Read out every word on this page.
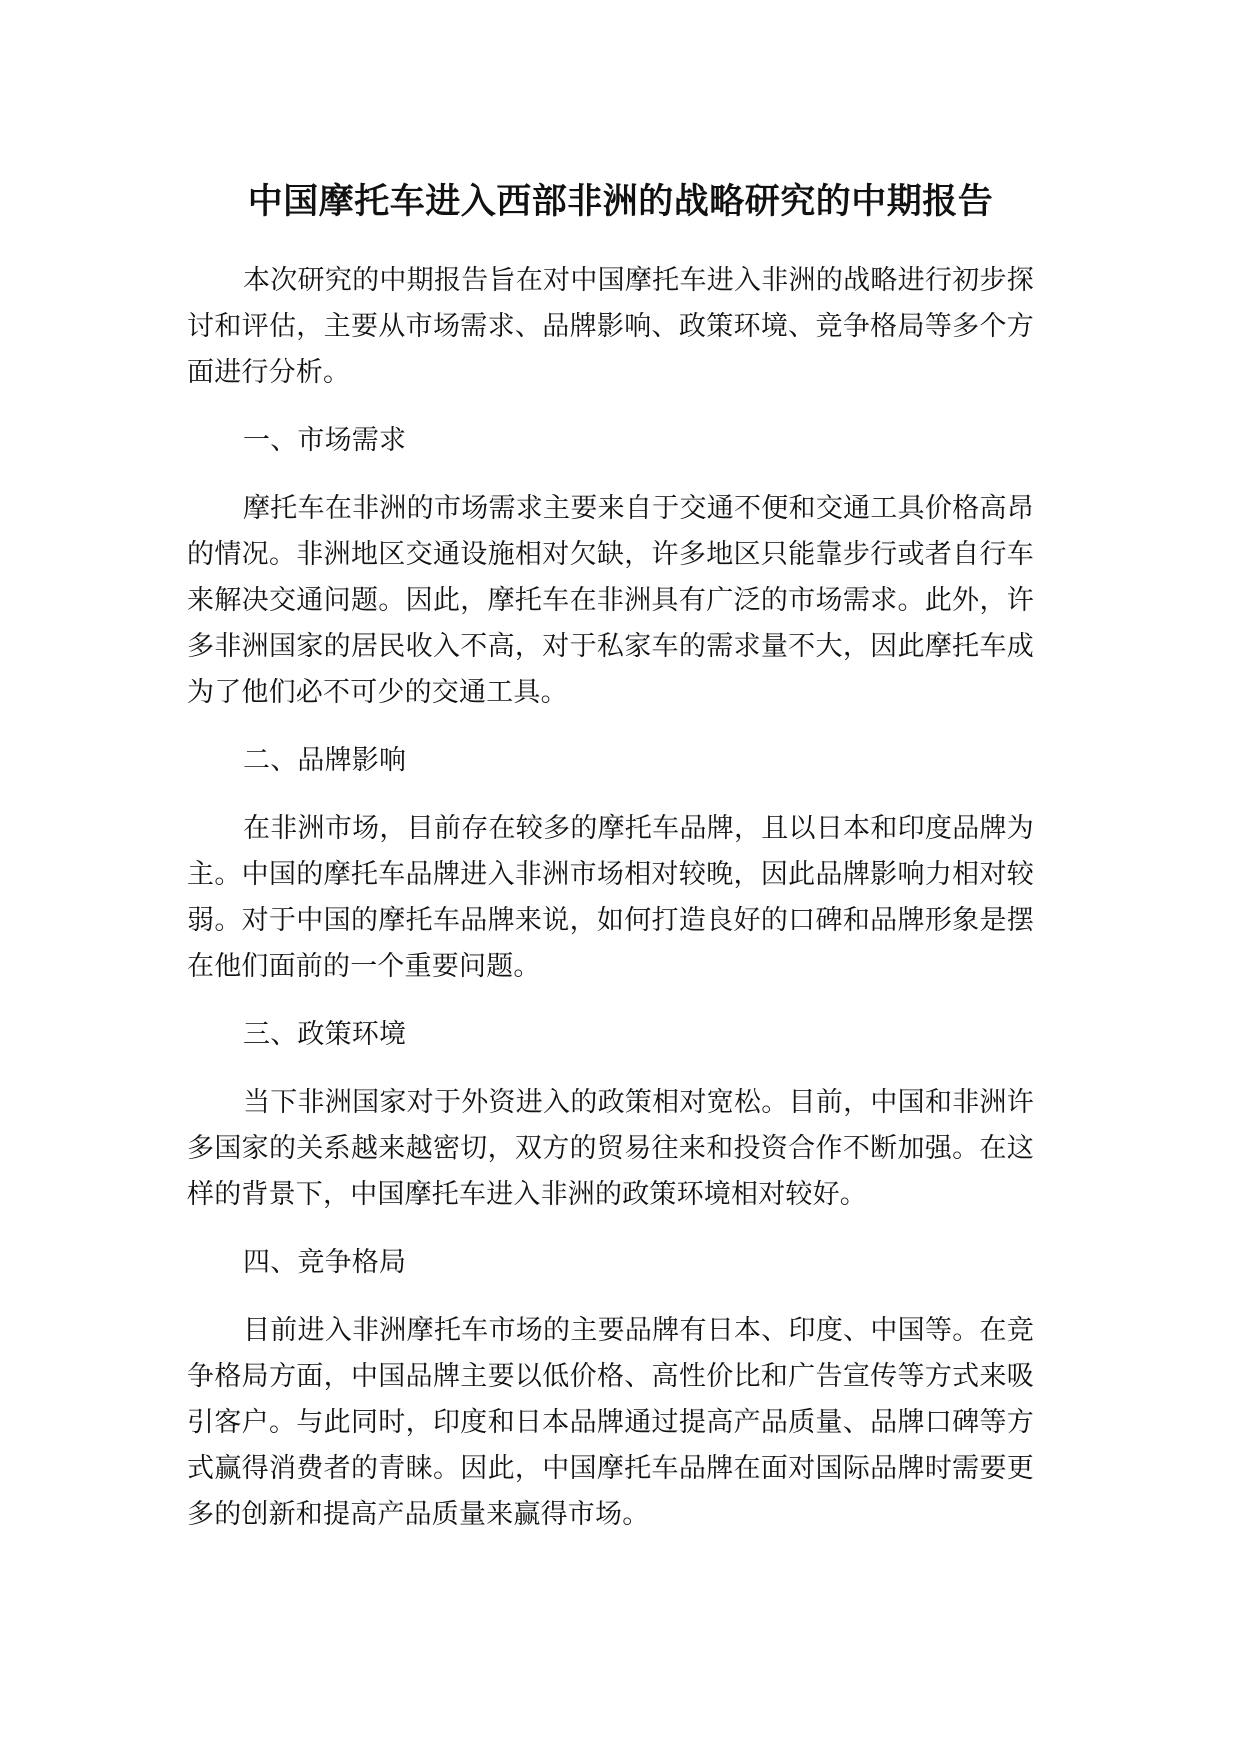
中国摩托车进入西部非洲的战略研究的中期报告

本次研究的中期报告旨在对中国摩托车进入非洲的战略进行初步探讨和评估，主要从市场需求、品牌影响、政策环境、竞争格局等多个方面进行分析。

一、市场需求

摩托车在非洲的市场需求主要来自于交通不便和交通工具价格高昂的情况。非洲地区交通设施相对欠缺，许多地区只能靠步行或者自行车来解决交通问题。因此，摩托车在非洲具有广泛的市场需求。此外，许多非洲国家的居民收入不高，对于私家车的需求量不大，因此摩托车成为了他们必不可少的交通工具。

二、品牌影响

在非洲市场，目前存在较多的摩托车品牌，且以日本和印度品牌为主。中国的摩托车品牌进入非洲市场相对较晚，因此品牌影响力相对较弱。对于中国的摩托车品牌来说，如何打造良好的口碑和品牌形象是摆在他们面前的一个重要问题。

三、政策环境

当下非洲国家对于外资进入的政策相对宽松。目前，中国和非洲许多国家的关系越来越密切，双方的贸易往来和投资合作不断加强。在这样的背景下，中国摩托车进入非洲的政策环境相对较好。

四、竞争格局

目前进入非洲摩托车市场的主要品牌有日本、印度、中国等。在竞争格局方面，中国品牌主要以低价格、高性价比和广告宣传等方式来吸引客户。与此同时，印度和日本品牌通过提高产品质量、品牌口碑等方式赢得消费者的青睐。因此，中国摩托车品牌在面对国际品牌时需要更多的创新和提高产品质量来赢得市场。
